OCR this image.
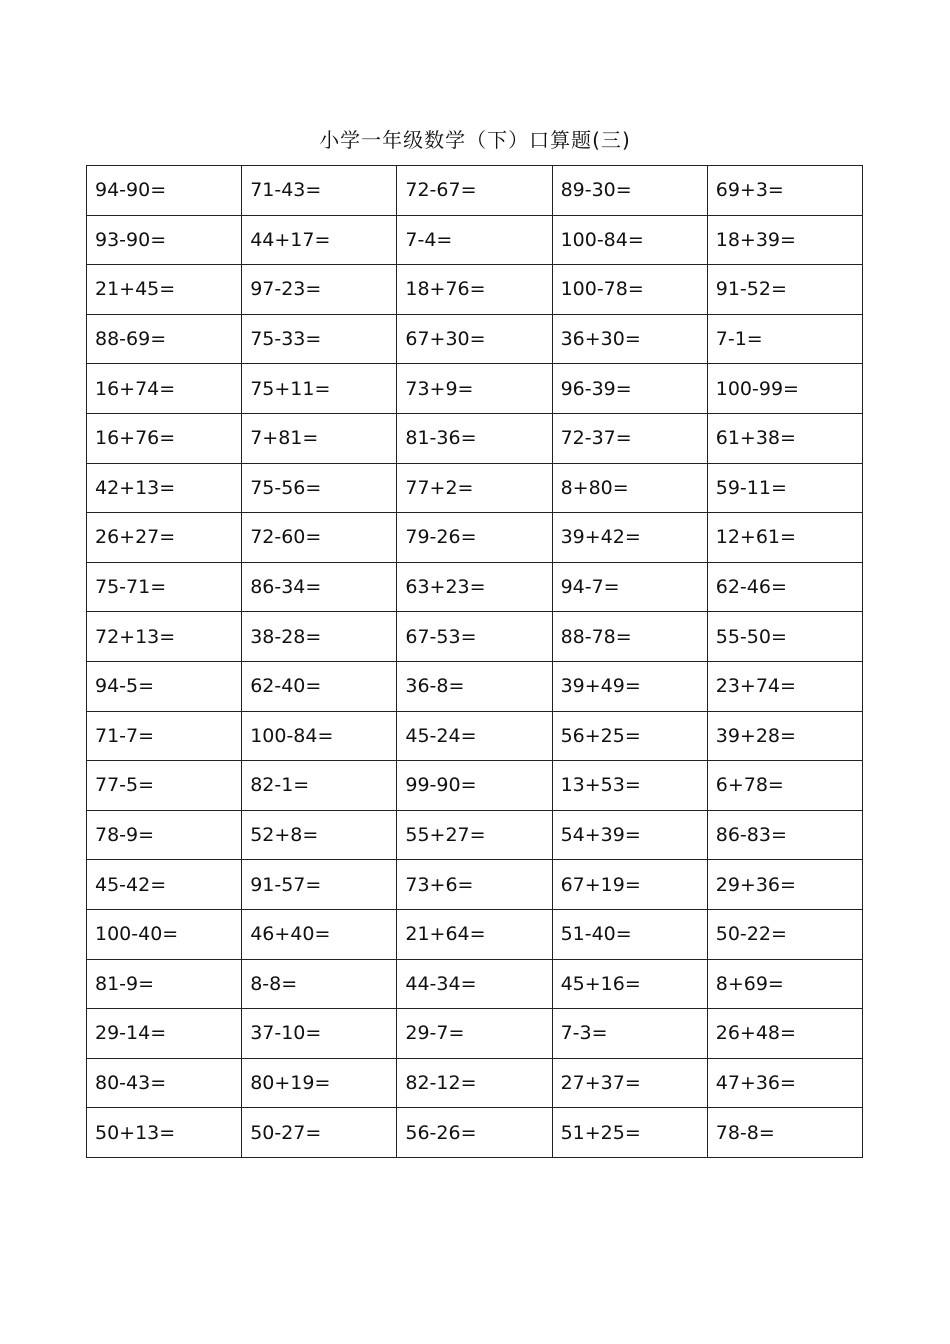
小学一年级数学（下）口算题(三)
94-90=	71-43=	72-67=	89-30=	69+3=
93-90=	44+17=	7-4=	100-84=	18+39=
21+45=	97-23=	18+76=	100-78=	91-52=
88-69=	75-33=	67+30=	36+30=	7-1=
16+74=	75+11=	73+9=	96-39=	100-99=
16+76=	7+81=	81-36=	72-37=	61+38=
42+13=	75-56=	77+2=	8+80=	59-11=
26+27=	72-60=	79-26=	39+42=	12+61=
75-71=	86-34=	63+23=	94-7=	62-46=
72+13=	38-28=	67-53=	88-78=	55-50=
94-5=	62-40=	36-8=	39+49=	23+74=
71-7=	100-84=	45-24=	56+25=	39+28=
77-5=	82-1=	99-90=	13+53=	6+78=
78-9=	52+8=	55+27=	54+39=	86-83=
45-42=	91-57=	73+6=	67+19=	29+36=
100-40=	46+40=	21+64=	51-40=	50-22=
81-9=	8-8=	44-34=	45+16=	8+69=
29-14=	37-10=	29-7=	7-3=	26+48=
80-43=	80+19=	82-12=	27+37=	47+36=
50+13=	50-27=	56-26=	51+25=	78-8=
